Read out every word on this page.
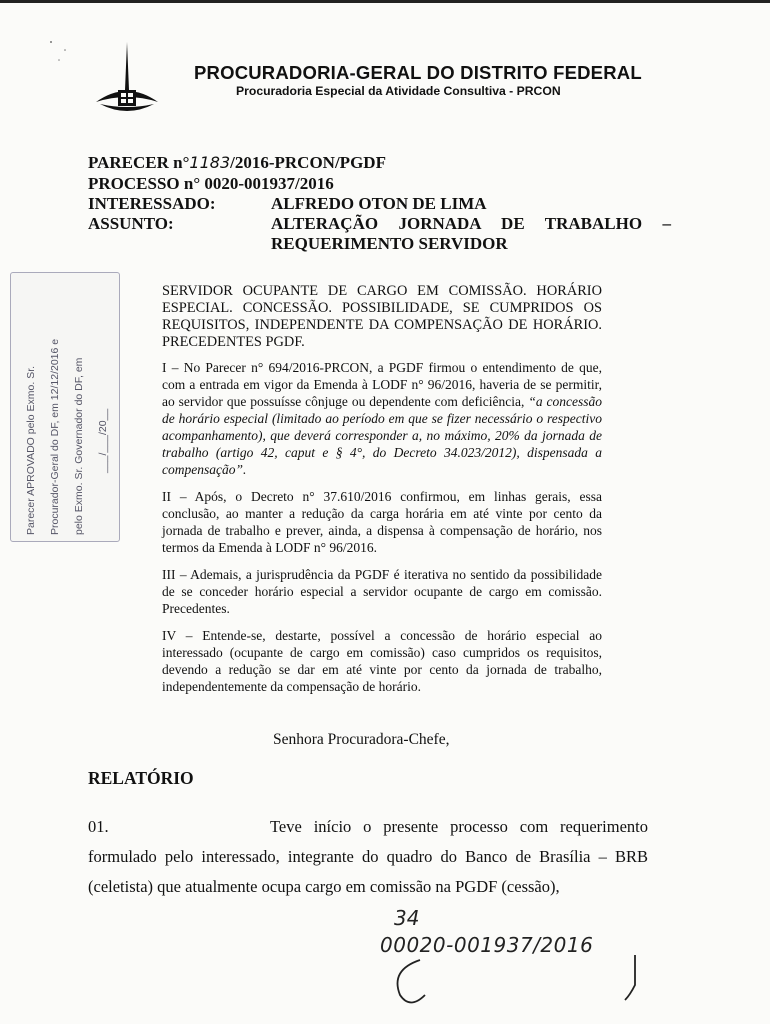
PROCURADORIA-GERAL DO DISTRITO FEDERAL
Procuradoria Especial da Atividade Consultiva - PRCON
PARECER n°1183/2016-PRCON/PGDF
PROCESSO n° 0020-001937/2016
INTERESSADO:	ALFREDO OTON DE LIMA
ASSUNTO:	ALTERAÇÃO JORNADA DE TRABALHO –
REQUERIMENTO SERVIDOR

SERVIDOR OCUPANTE DE CARGO EM COMISSÃO. HORÁRIO ESPECIAL. CONCESSÃO. POSSIBILIDADE, SE CUMPRIDOS OS REQUISITOS, INDEPENDENTE DA COMPENSAÇÃO DE HORÁRIO. PRECEDENTES PGDF.

I – No Parecer n° 694/2016-PRCON, a PGDF firmou o entendimento de que, com a entrada em vigor da Emenda à LODF n° 96/2016, haveria de se permitir, ao servidor que possuísse cônjuge ou dependente com deficiência, “a concessão de horário especial (limitado ao período em que se fizer necessário o respectivo acompanhamento), que deverá corresponder a, no máximo, 20% da jornada de trabalho (artigo 42, caput e § 4°, do Decreto 34.023/2012), dispensada a compensação”.

II – Após, o Decreto n° 37.610/2016 confirmou, em linhas gerais, essa conclusão, ao manter a redução da carga horária em até vinte por cento da jornada de trabalho e prever, ainda, a dispensa à compensação de horário, nos termos da Emenda à LODF n° 96/2016.

III – Ademais, a jurisprudência da PGDF é iterativa no sentido da possibilidade de se conceder horário especial a servidor ocupante de cargo em comissão. Precedentes.

IV – Entende-se, destarte, possível a concessão de horário especial ao interessado (ocupante de cargo em comissão) caso cumpridos os requisitos, devendo a redução se dar em até vinte por cento da jornada de trabalho, independentemente da compensação de horário.

Senhora Procuradora-Chefe,
RELATÓRIO
01.	Teve início o presente processo com requerimento formulado pelo interessado, integrante do quadro do Banco de Brasília – BRB (celetista) que atualmente ocupa cargo em comissão na PGDF (cessão),
Parecer APROVADO pelo Exmo. Sr. Procurador-Geral do DF, em 12/12/2016 e pelo Exmo. Sr. Governador do DF, em ___/___/20__
34
00020-001937/2016
